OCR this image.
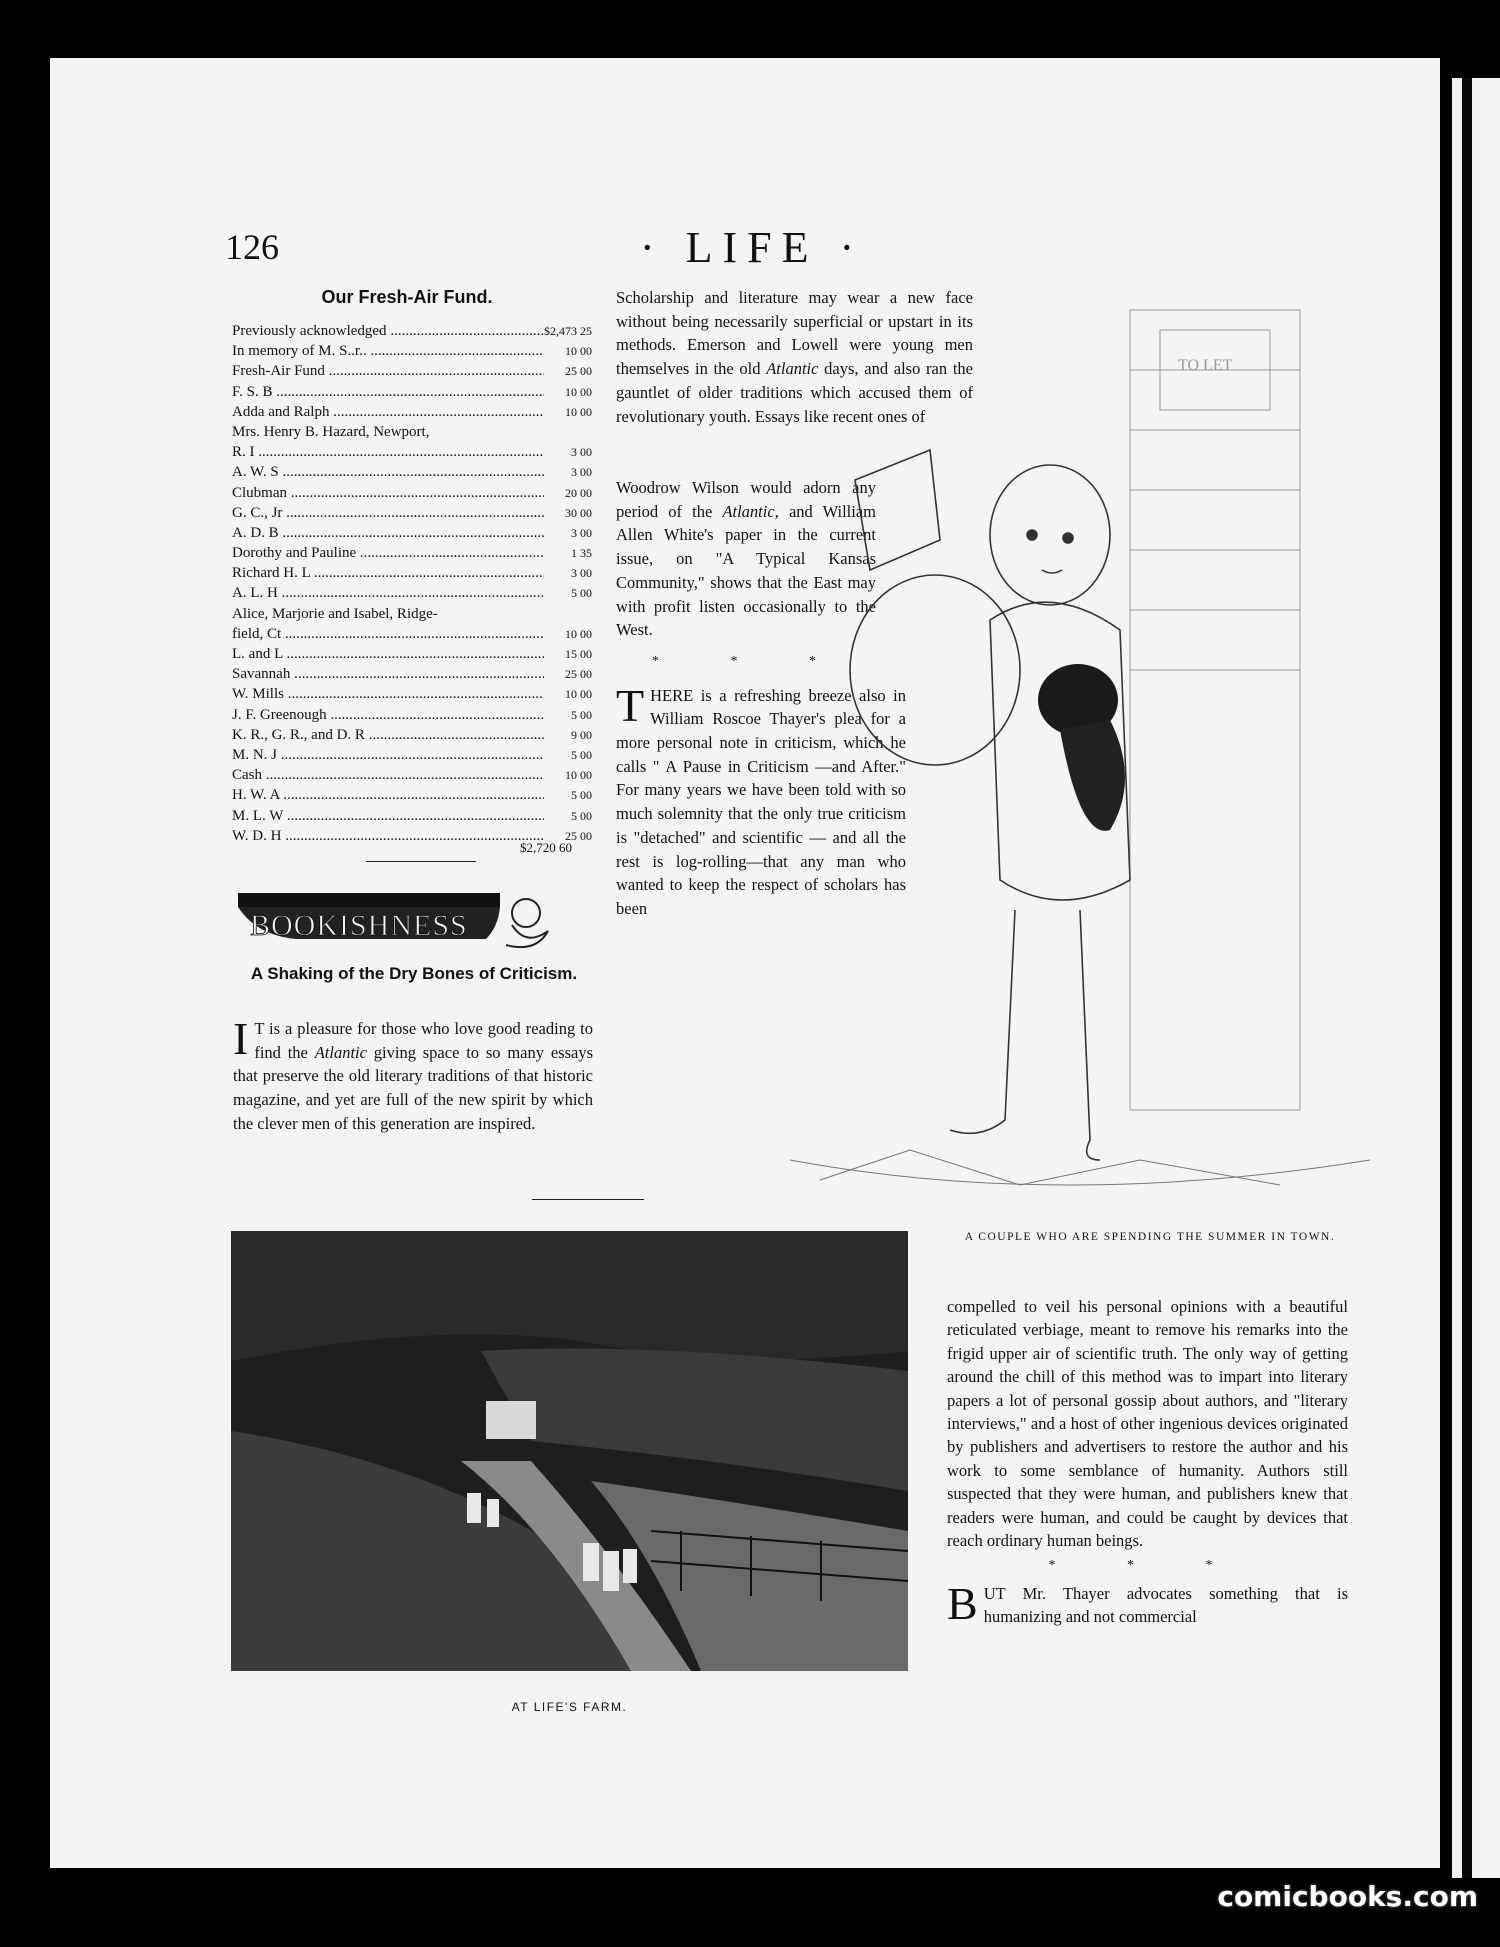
126	· LIFE ·
Our Fresh-Air Fund.
Previously acknowledged .....	$2,473 25
In memory of M. S..r.. .....	10 00
Fresh-Air Fund .....	25 00
F. S. B .....	10 00
Adda and Ralph .....	10 00
Mrs. Henry B. Hazard, Newport,
R. I .....	3 00
A. W. S .....	3 00
Clubman .....	20 00
G. C., Jr .....	30 00
A. D. B .....	3 00
Dorothy and Pauline .....	1 35
Richard H. L .....	3 00
A. L. H .....	5 00
Alice, Marjorie and Isabel, Ridge-
field, Ct .....	10 00
L. and L .....	15 00
Savannah .....	25 00
W. Mills .....	10 00
J. F. Greenough .....	5 00
K. R., G. R., and D. R .....	9 00
M. N. J .....	5 00
Cash .....	10 00
H. W. A .....	5 00
M. L. W .....	5 00
W. D. H .....	25 00
$2,720 60
BOOKISHNESS
A Shaking of the Dry Bones of Criticism.

I T is a pleasure for those who love good reading to find the Atlantic giving space to so many essays that preserve the old literary traditions of that historic magazine, and yet are full of the new spirit by which the clever men of this generation are inspired.

Scholarship and literature may wear a new face without being necessarily superficial or upstart in its methods. Emerson and Lowell were young men themselves in the old Atlantic days, and also ran the gauntlet of older traditions which accused them of revolutionary youth. Essays like recent ones of

Woodrow Wilson would adorn any period of the Atlantic, and William Allen White's paper in the current issue, on "A Typical Kansas Community," shows that the East may with profit listen occasionally to the West.

* * *

THERE is a refreshing breeze also in William Roscoe Thayer's plea for a more personal note in criticism, which he calls " A Pause in Criticism —and After." For many years we have been told with so much solemnity that the only true criticism is "detached" and scientific — and all the rest is log-rolling—that any man who wanted to keep the respect of scholars has been

TO LET
A COUPLE WHO ARE SPENDING THE SUMMER IN TOWN.
AT LIFE'S FARM.

compelled to veil his personal opinions with a beautiful reticulated verbiage, meant to remove his remarks into the frigid upper air of scientific truth. The only way of getting around the chill of this method was to impart into literary papers a lot of personal gossip about authors, and "literary interviews," and a host of other ingenious devices originated by publishers and advertisers to restore the author and his work to some semblance of humanity. Authors still suspected that they were human, and publishers knew that readers were human, and could be caught by devices that reach ordinary human beings.

* * *

BUT Mr. Thayer advocates something that is humanizing and not commercial

comicbooks.com
